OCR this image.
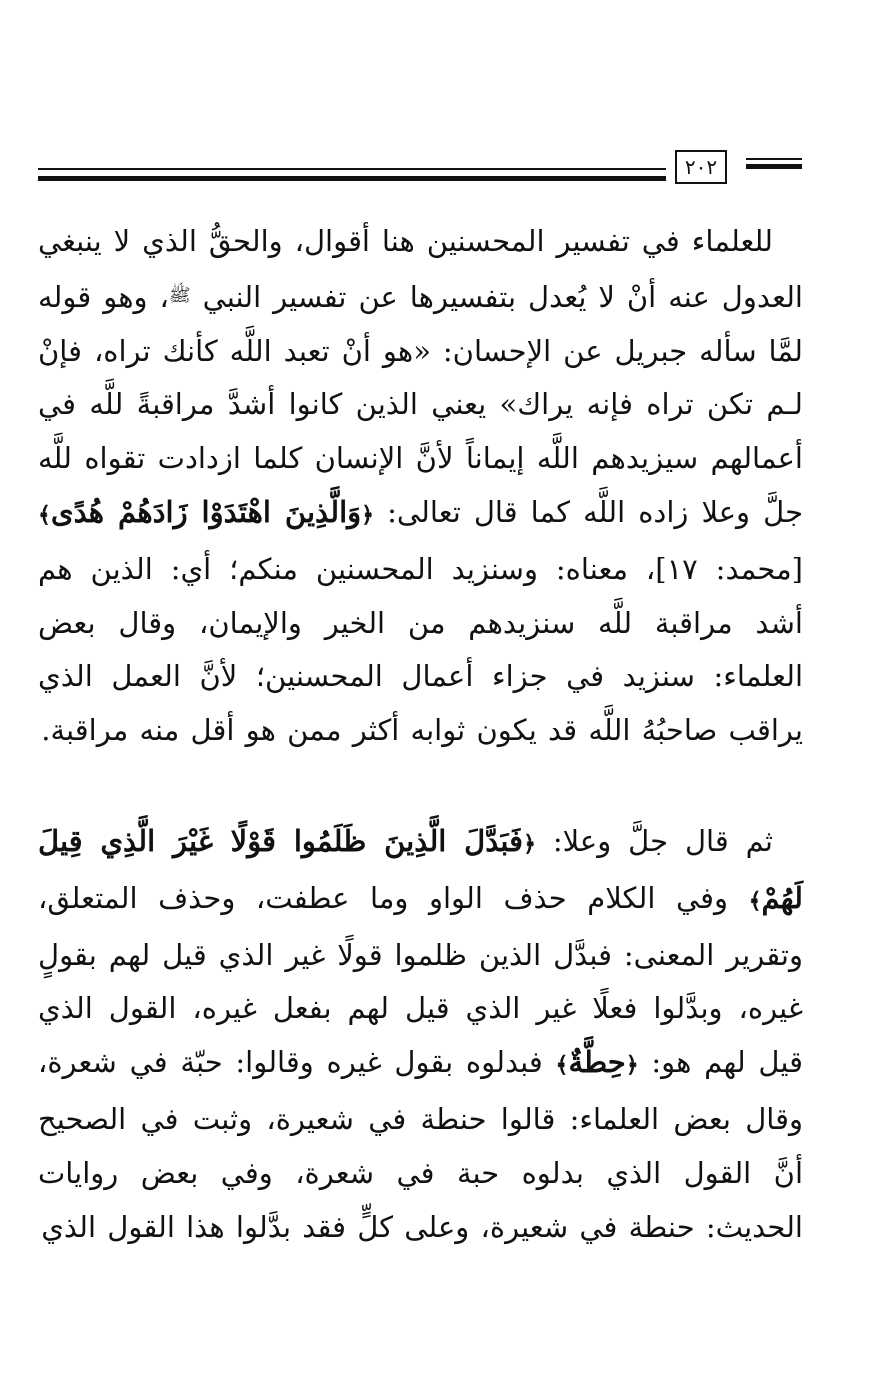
٢٠٢
للعلماء في تفسير المحسنين هنا أقوال، والحقُّ الذي لا ينبغي العدول عنه أنْ لا يُعدل بتفسيرها عن تفسير النبي $^ﷺ$، وهو قوله لمَّا سأله جبريل عن الإحسان: «هو أنْ تعبد اللَّه كأنك تراه، فإنْ لـم تكن تراه فإنه يراك» يعني الذين كانوا أشدَّ مراقبةً للَّه في أعمالهم سيزيدهم اللَّه إيماناً لأنَّ الإنسان كلما ازدادت تقواه للَّه جلَّ وعلا زاده اللَّه كما قال تعالى: ﴿وَالَّذِينَ اهْتَدَوْا زَادَهُمْ هُدًى﴾ [محمد: ١٧]، معناه: وسنزيد المحسنين منكم؛ أي: الذين هم أشد مراقبة للَّه سنزيدهم من الخير والإيمان، وقال بعض العلماء: سنزيد في جزاء أعمال المحسنين؛ لأنَّ العمل الذي يراقب صاحبُهُ اللَّه قد يكون ثوابه أكثر ممن هو أقل منه مراقبة.
ثم قال جلَّ وعلا: ﴿فَبَدَّلَ الَّذِينَ ظَلَمُوا قَوْلًا غَيْرَ الَّذِي قِيلَ لَهُمْ﴾ وفي الكلام حذف الواو وما عطفت، وحذف المتعلق، وتقرير المعنى: فبدَّل الذين ظلموا قولًا غير الذي قيل لهم بقولٍ غيره، وبدَّلوا فعلًا غير الذي قيل لهم بفعل غيره، القول الذي قيل لهم هو: ﴿حِطَّةٌ﴾ فبدلوه بقول غيره وقالوا: حبّة في شعرة، وقال بعض العلماء: قالوا حنطة في شعيرة، وثبت في الصحيح أنَّ القول الذي بدلوه حبة في شعرة، وفي بعض روايات الحديث: حنطة في شعيرة، وعلى كلٍّ فقد بدَّلوا هذا القول الذي
